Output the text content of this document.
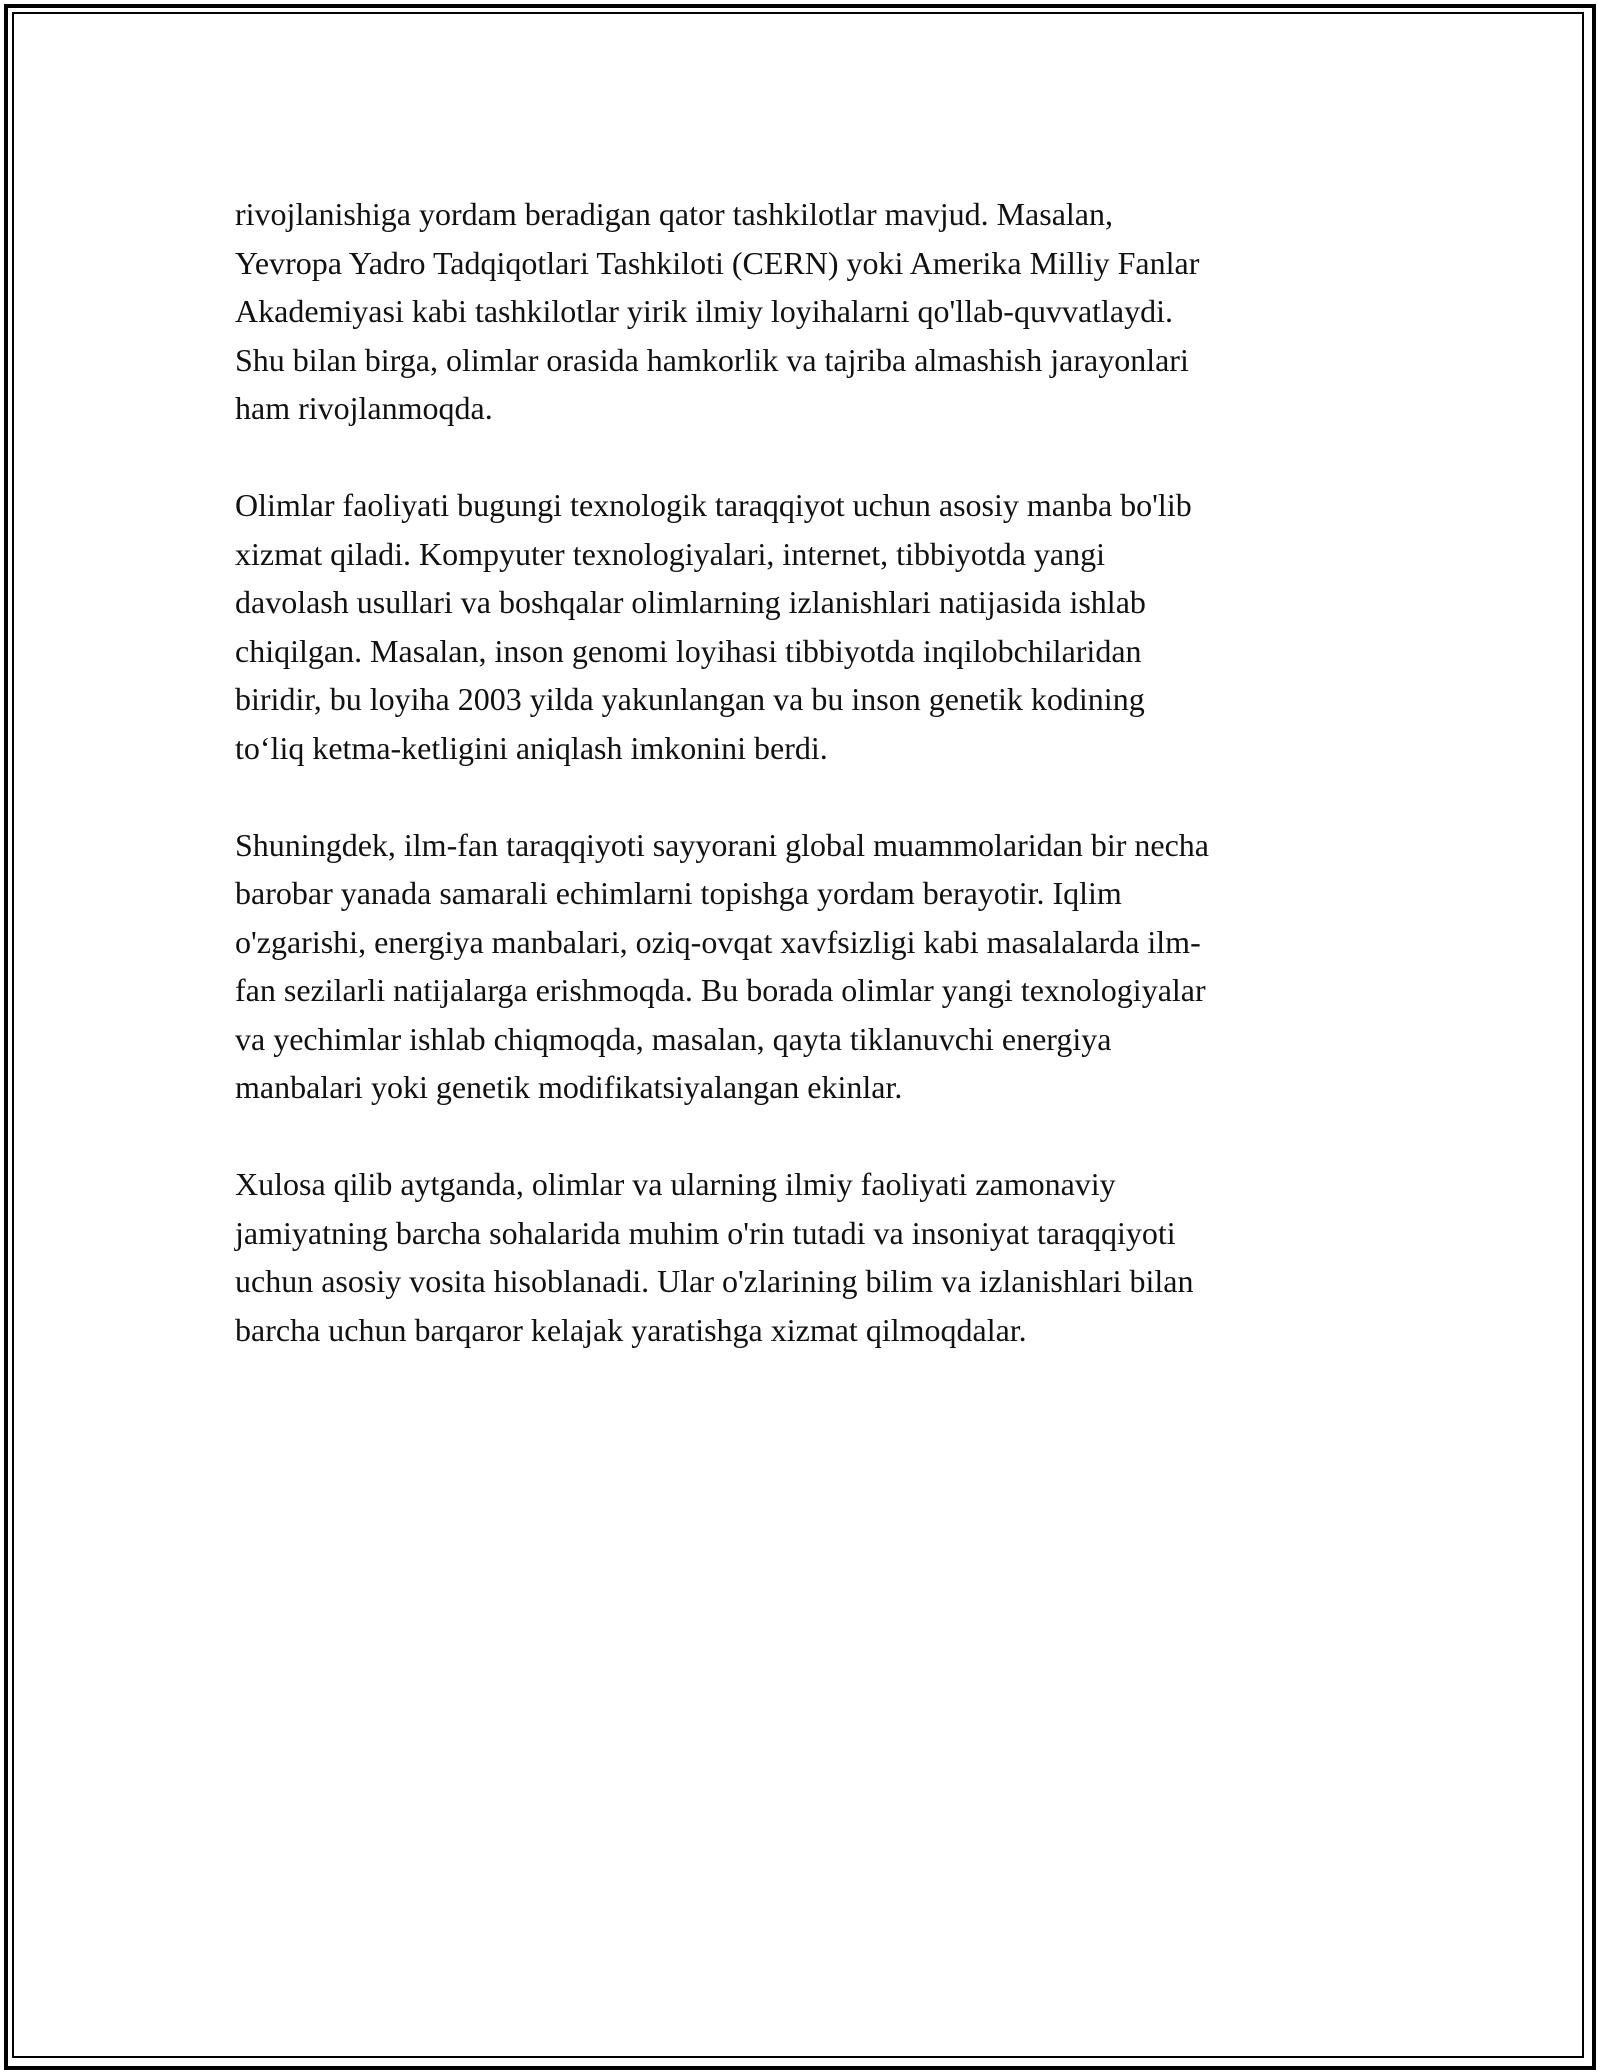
rivojlanishiga yordam beradigan qator tashkilotlar mavjud. Masalan,
Yevropa Yadro Tadqiqotlari Tashkiloti (CERN) yoki Amerika Milliy Fanlar
Akademiyasi kabi tashkilotlar yirik ilmiy loyihalarni qo'llab-quvvatlaydi.
Shu bilan birga, olimlar orasida hamkorlik va tajriba almashish jarayonlari
ham rivojlanmoqda.

Olimlar faoliyati bugungi texnologik taraqqiyot uchun asosiy manba bo'lib
xizmat qiladi. Kompyuter texnologiyalari, internet, tibbiyotda yangi
davolash usullari va boshqalar olimlarning izlanishlari natijasida ishlab
chiqilgan. Masalan, inson genomi loyihasi tibbiyotda inqilobchilaridan
biridir, bu loyiha 2003 yilda yakunlangan va bu inson genetik kodining
to‘liq ketma-ketligini aniqlash imkonini berdi.

Shuningdek, ilm-fan taraqqiyoti sayyorani global muammolaridan bir necha
barobar yanada samarali echimlarni topishga yordam berayotir. Iqlim
o'zgarishi, energiya manbalari, oziq-ovqat xavfsizligi kabi masalalarda ilm-
fan sezilarli natijalarga erishmoqda. Bu borada olimlar yangi texnologiyalar
va yechimlar ishlab chiqmoqda, masalan, qayta tiklanuvchi energiya
manbalari yoki genetik modifikatsiyalangan ekinlar.

Xulosa qilib aytganda, olimlar va ularning ilmiy faoliyati zamonaviy
jamiyatning barcha sohalarida muhim o'rin tutadi va insoniyat taraqqiyoti
uchun asosiy vosita hisoblanadi. Ular o'zlarining bilim va izlanishlari bilan
barcha uchun barqaror kelajak yaratishga xizmat qilmoqdalar.
